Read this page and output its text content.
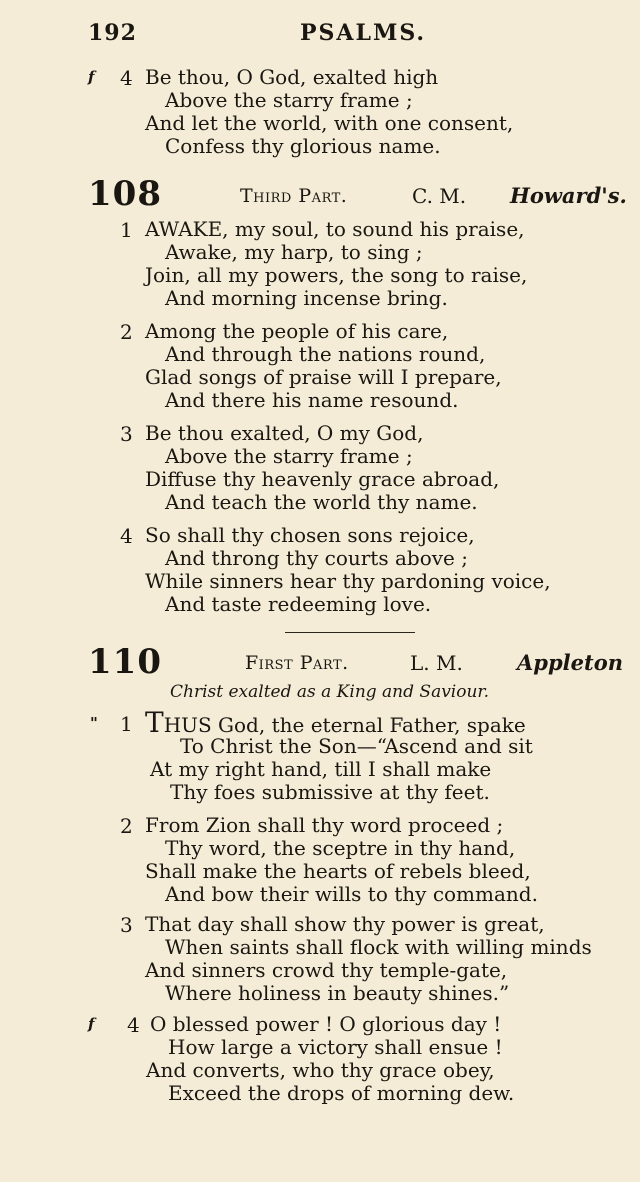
192	PSALMS.
f 4 Be thou, O God, exalted high
Above the starry frame ;
And let the world, with one consent,
Confess thy glorious name.
108	Third Part.	C. M. Howard's.
1 AWAKE, my soul, to sound his praise,
Awake, my harp, to sing ;
Join, all my powers, the song to raise,
And morning incense bring.
2 Among the people of his care,
And through the nations round,
Glad songs of praise will I prepare,
And there his name resound.
3 Be thou exalted, O my God,
Above the starry frame ;
Diffuse thy heavenly grace abroad,
And teach the world thy name.
4 So shall thy chosen sons rejoice,
And throng thy courts above ;
While sinners hear thy pardoning voice,
And taste redeeming love.
110	First Part.	L. M.	Appleton
Christ exalted as a King and Saviour.
" 1 THUS God, the eternal Father, spake
To Christ the Son—“Ascend and sit
At my right hand, till I shall make
Thy foes submissive at thy feet.
2 From Zion shall thy word proceed ;
Thy word, the sceptre in thy hand,
Shall make the hearts of rebels bleed,
And bow their wills to thy command.
3 That day shall show thy power is great,
When saints shall flock with willing minds
And sinners crowd thy temple-gate,
Where holiness in beauty shines.”
f 4 O blessed power ! O glorious day !
How large a victory shall ensue !
And converts, who thy grace obey,
Exceed the drops of morning dew.
